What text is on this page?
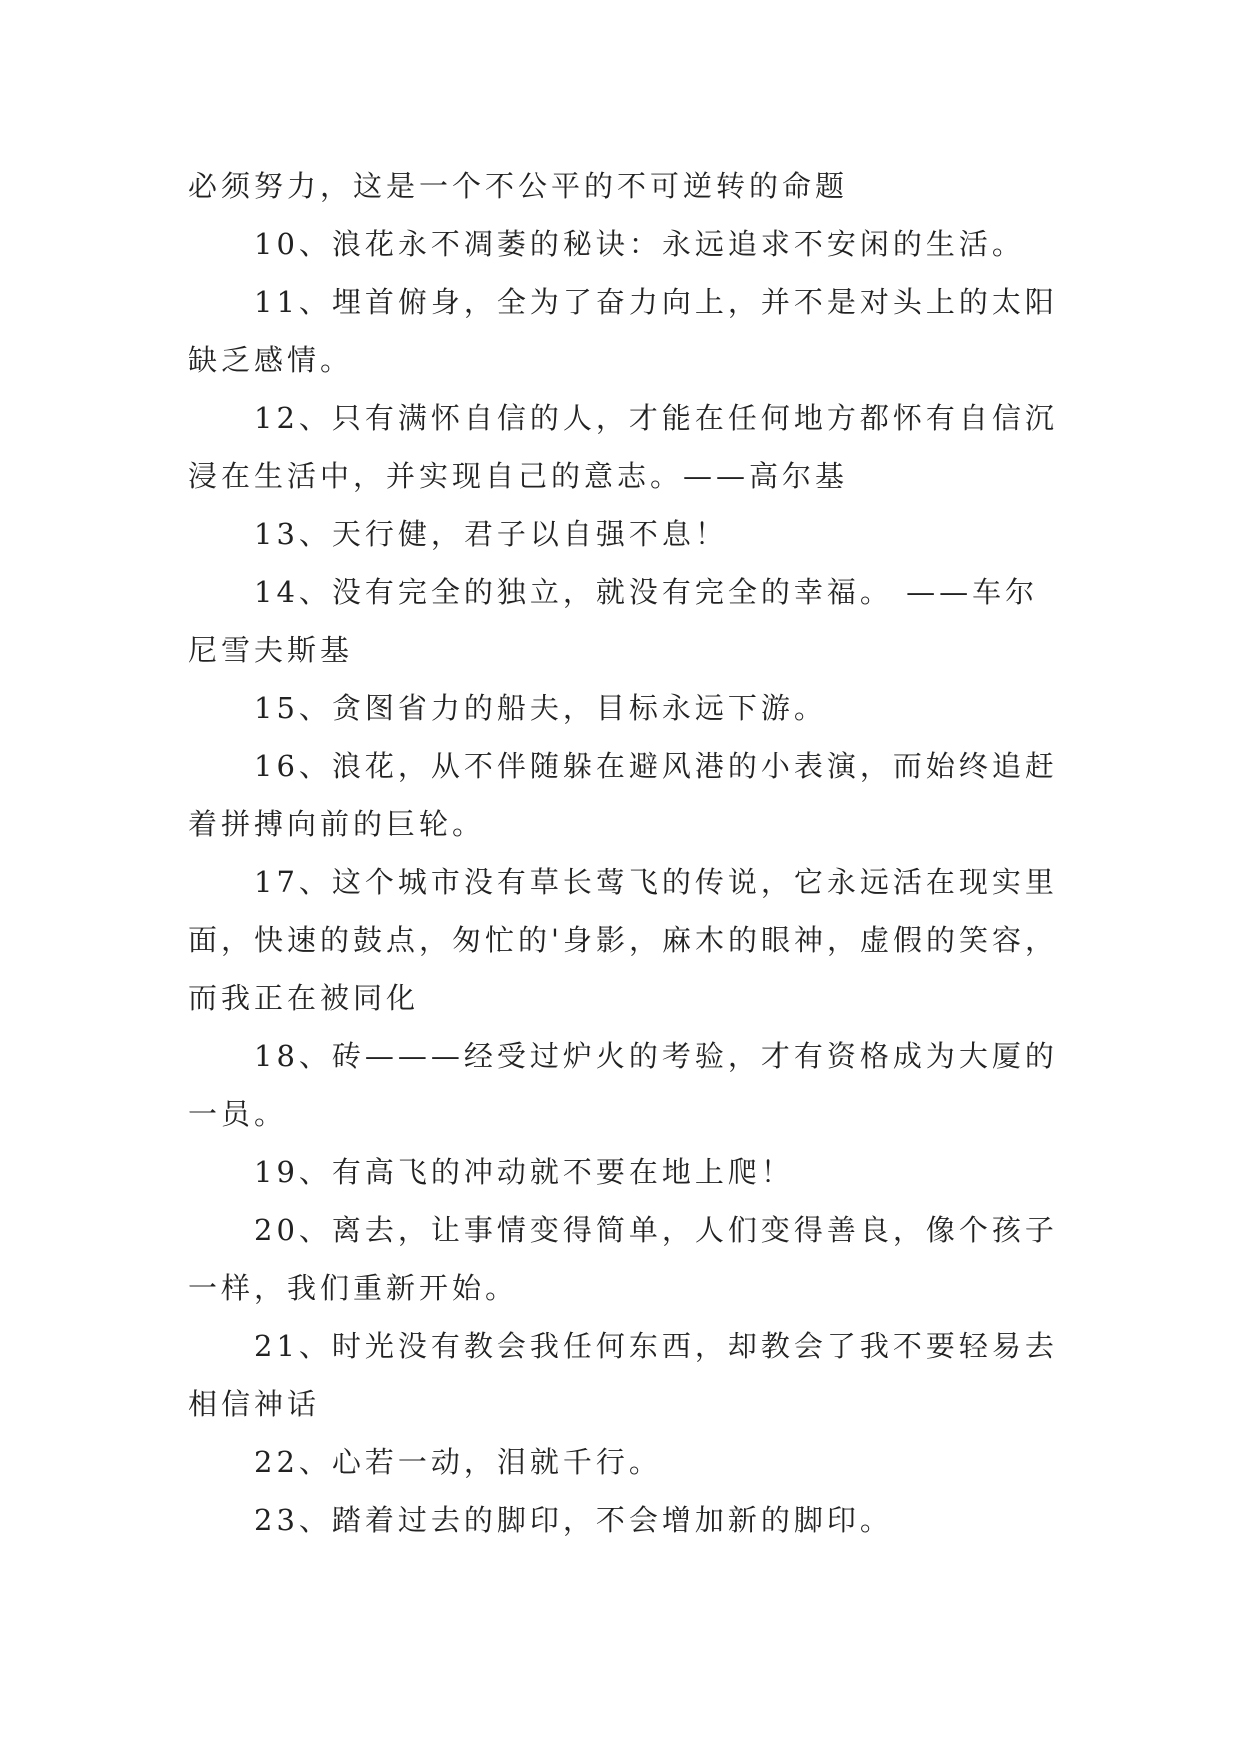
必须努力，这是一个不公平的不可逆转的命题

10、浪花永不凋萎的秘诀：永远追求不安闲的生活。

11、埋首俯身，全为了奋力向上，并不是对头上的太阳缺乏感情。

12、只有满怀自信的人，才能在任何地方都怀有自信沉浸在生活中，并实现自己的意志。——高尔基

13、天行健，君子以自强不息！

14、没有完全的独立，就没有完全的幸福。 ——车尔尼雪夫斯基

15、贪图省力的船夫，目标永远下游。

16、浪花，从不伴随躲在避风港的小表演，而始终追赶着拼搏向前的巨轮。

17、这个城市没有草长莺飞的传说，它永远活在现实里面，快速的鼓点，匆忙的'身影，麻木的眼神，虚假的笑容，而我正在被同化

18、砖———经受过炉火的考验，才有资格成为大厦的一员。

19、有高飞的冲动就不要在地上爬！

20、离去，让事情变得简单，人们变得善良，像个孩子一样，我们重新开始。

21、时光没有教会我任何东西，却教会了我不要轻易去相信神话

22、心若一动，泪就千行。

23、踏着过去的脚印，不会增加新的脚印。
